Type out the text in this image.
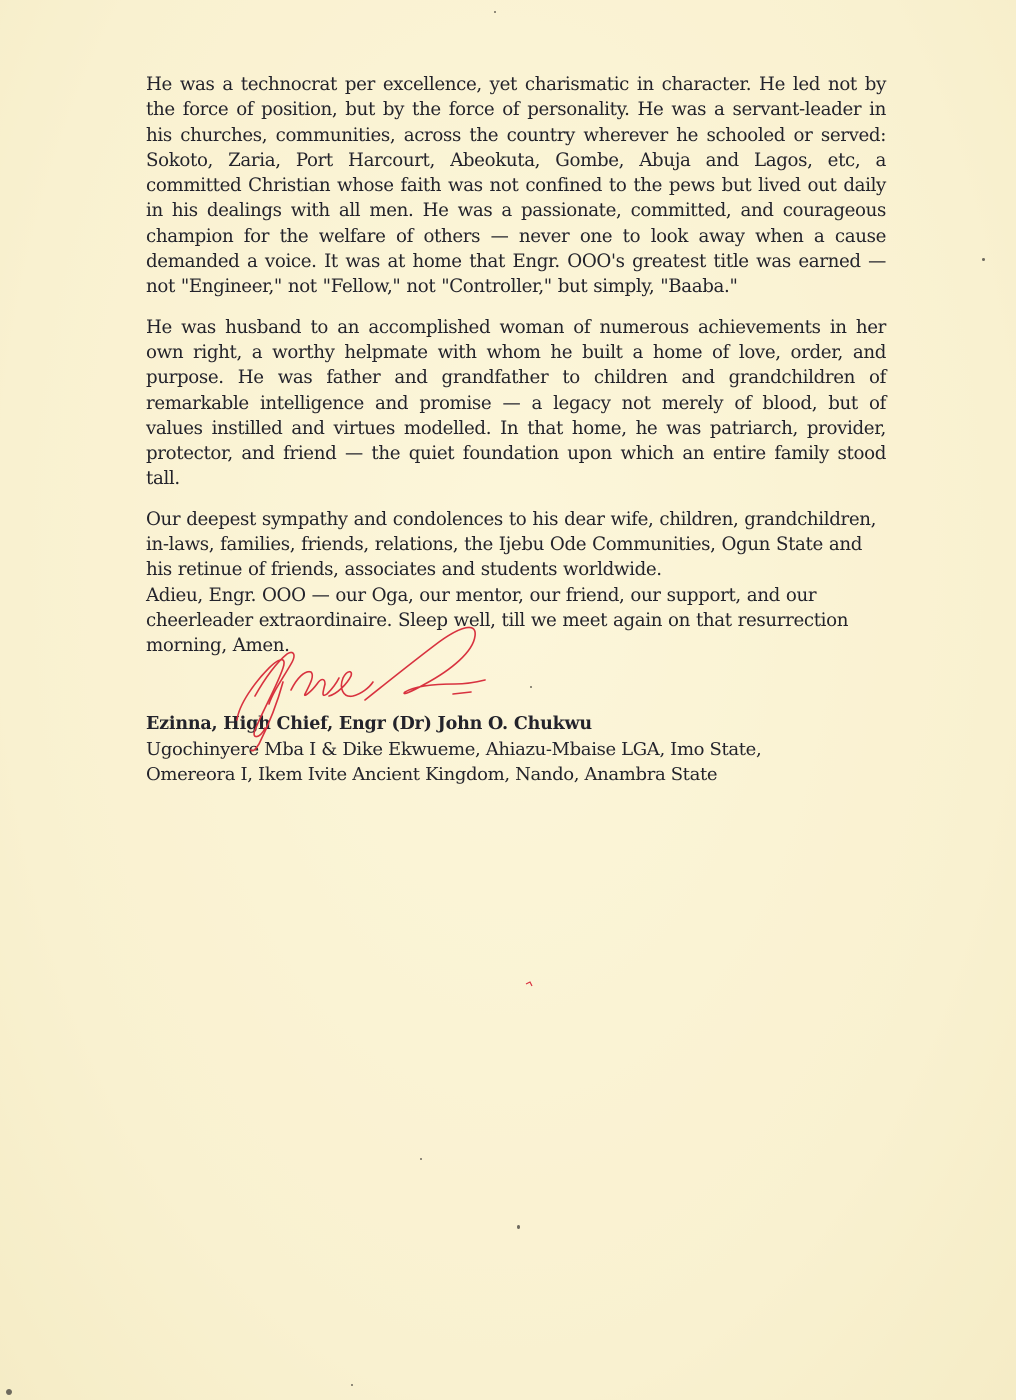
He was a technocrat per excellence, yet charismatic in character. He led not by the force of position, but by the force of personality. He was a servant-leader in his churches, communities, across the country wherever he schooled or served: Sokoto, Zaria, Port Harcourt, Abeokuta, Gombe, Abuja and Lagos, etc, a committed Christian whose faith was not confined to the pews but lived out daily in his dealings with all men. He was a passionate, committed, and courageous champion for the welfare of others — never one to look away when a cause demanded a voice. It was at home that Engr. OOO's greatest title was earned — not "Engineer," not "Fellow," not "Controller," but simply, "Baaba."

He was husband to an accomplished woman of numerous achievements in her own right, a worthy helpmate with whom he built a home of love, order, and purpose. He was father and grandfather to children and grandchildren of remarkable intelligence and promise — a legacy not merely of blood, but of values instilled and virtues modelled. In that home, he was patriarch, provider, protector, and friend — the quiet foundation upon which an entire family stood tall.

Our deepest sympathy and condolences to his dear wife, children, grandchildren, in-laws, families, friends, relations, the Ijebu Ode Communities, Ogun State and his retinue of friends, associates and students worldwide.

Adieu, Engr. OOO — our Oga, our mentor, our friend, our support, and our cheerleader extraordinaire. Sleep well, till we meet again on that resurrection morning, Amen.

Ezinna, High Chief, Engr (Dr) John O. Chukwu

Ugochinyere Mba I & Dike Ekwueme, Ahiazu-Mbaise LGA, Imo State,

Omereora I, Ikem Ivite Ancient Kingdom, Nando, Anambra State
